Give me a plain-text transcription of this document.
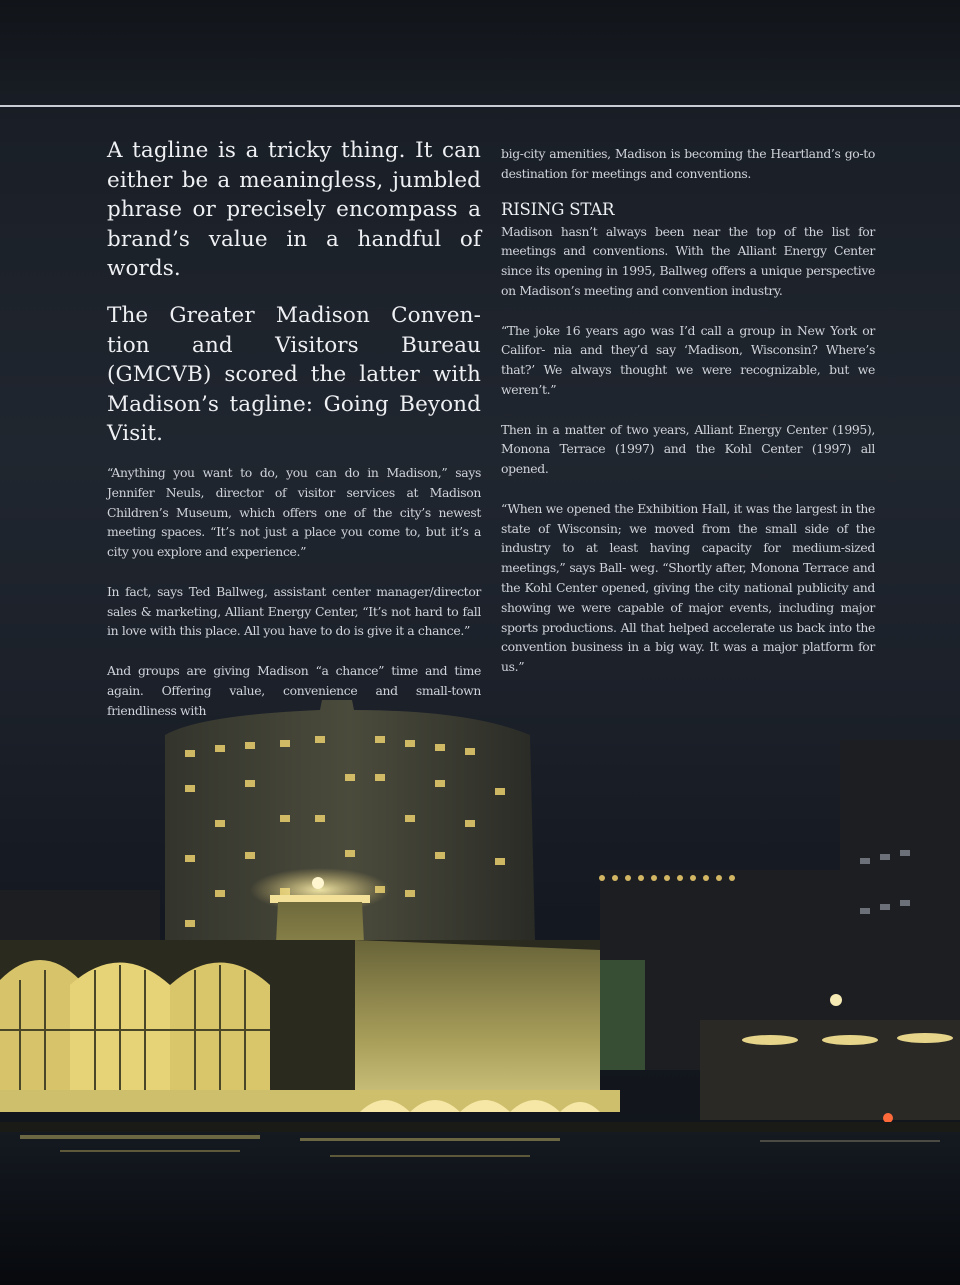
A tagline is a tricky thing. It can either be a meaningless, jumbled phrase or precisely encompass a brand’s value in a handful of words.

The Greater Madison Conven- tion and Visitors Bureau (GMCVB) scored the latter with Madison’s tagline: Going Beyond Visit.

“Anything you want to do, you can do in Madison,” says Jennifer Neuls, director of visitor services at Madison Children’s Museum, which offers one of the city’s newest meeting spaces. “It’s not just a place you come to, but it’s a city you explore and experience.”

In fact, says Ted Ballweg, assistant center manager/director sales & marketing, Alliant Energy Center, “It’s not hard to fall in love with this place. All you have to do is give it a chance.”

And groups are giving Madison “a chance” time and time again. Offering value, convenience and small-town friendliness with

big-city amenities, Madison is becoming the Heartland’s go-to destination for meetings and conventions.

RISING STAR

Madison hasn’t always been near the top of the list for meetings and conventions. With the Alliant Energy Center since its opening in 1995, Ballweg offers a unique perspective on Madison’s meeting and convention industry.

“The joke 16 years ago was I’d call a group in New York or Califor- nia and they’d say ‘Madison, Wisconsin? Where’s that?’ We always thought we were recognizable, but we weren’t.”

Then in a matter of two years, Alliant Energy Center (1995), Monona Terrace (1997) and the Kohl Center (1997) all opened.

“When we opened the Exhibition Hall, it was the largest in the state of Wisconsin; we moved from the small side of the industry to at least having capacity for medium-sized meetings,” says Ball- weg. “Shortly after, Monona Terrace and the Kohl Center opened, giving the city national publicity and showing we were capable of major events, including major sports productions. All that helped accelerate us back into the convention business in a big way. It was a major platform for us.”
